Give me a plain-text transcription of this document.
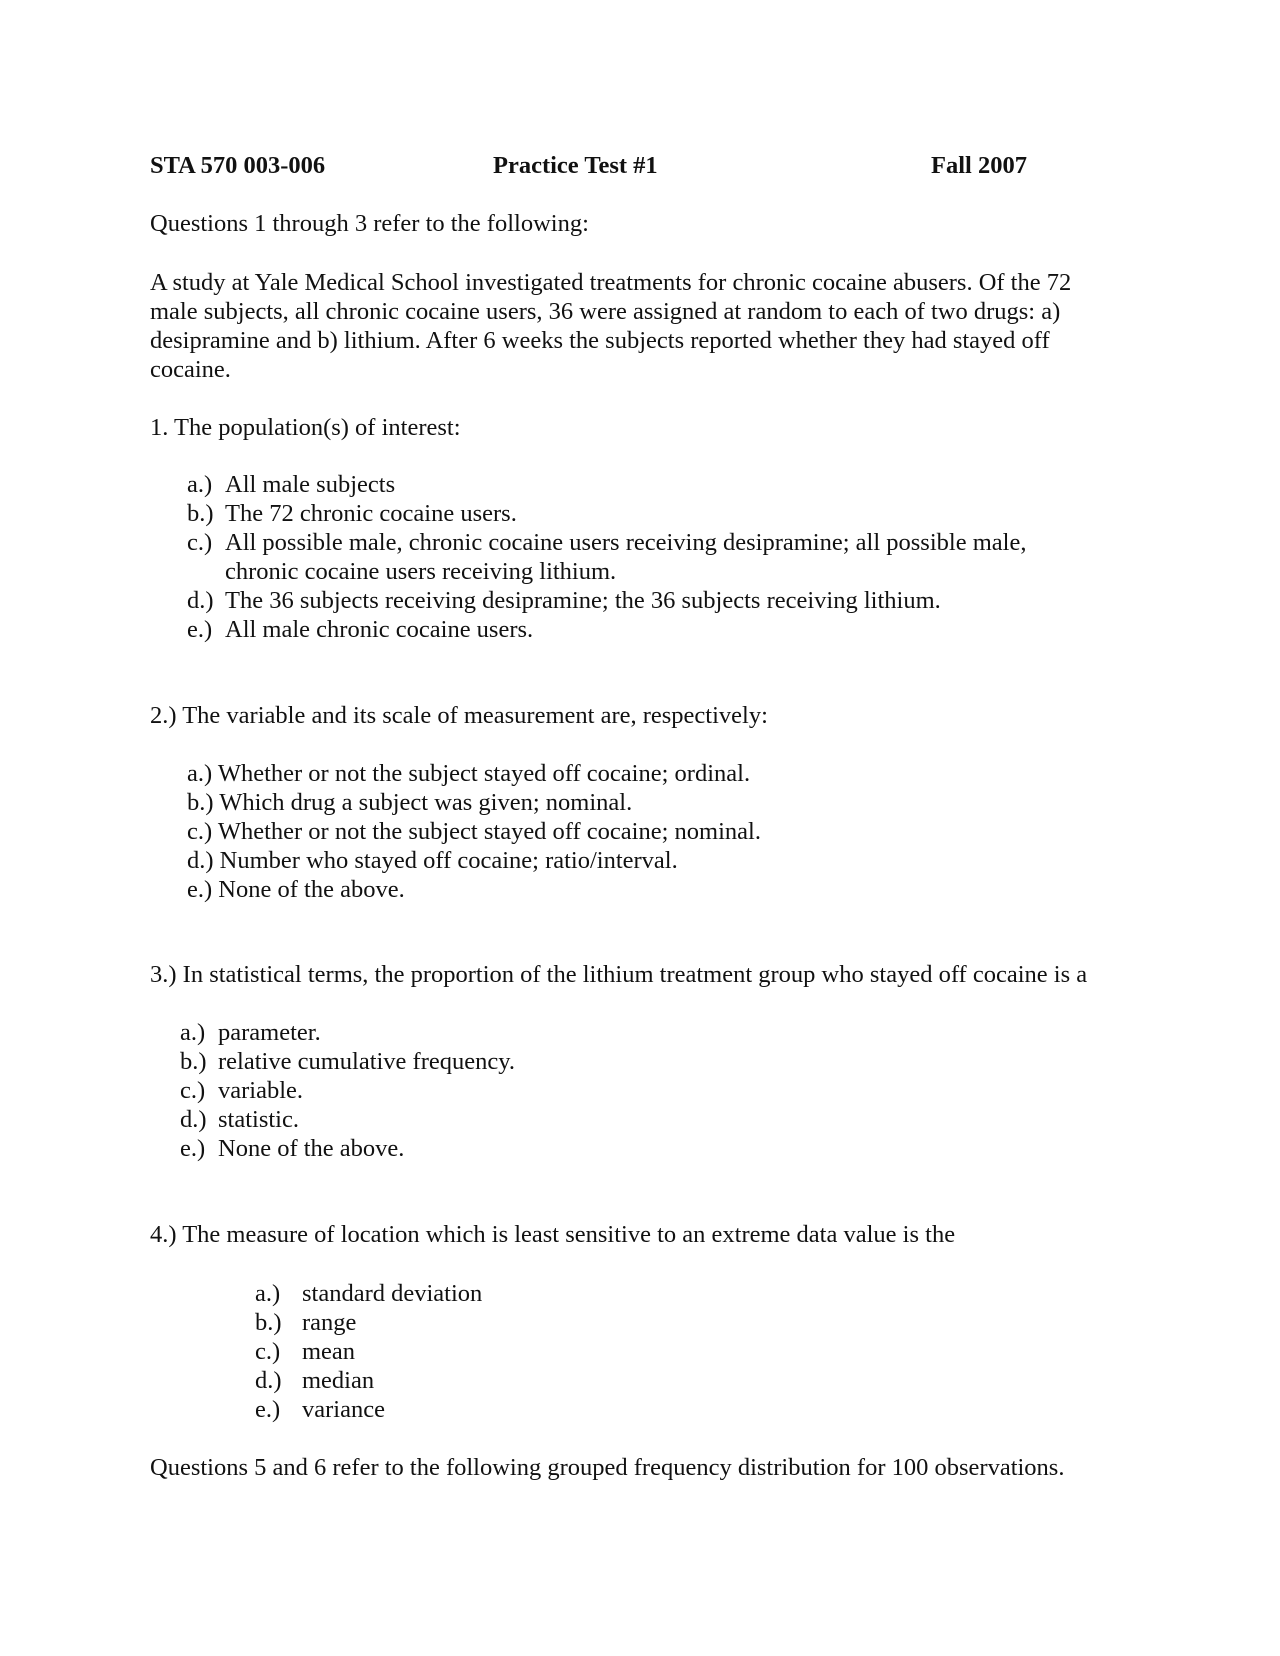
STA 570 003-006	Practice Test #1	Fall 2007
Questions 1 through 3 refer to the following:
A study at Yale Medical School investigated treatments for chronic cocaine abusers. Of the 72
male subjects, all chronic cocaine users, 36 were assigned at random to each of two drugs: a)
desipramine and b) lithium. After 6 weeks the subjects reported whether they had stayed off
cocaine.
1. The population(s) of interest:
a.) All male subjects
b.) The 72 chronic cocaine users.
c.) All possible male, chronic cocaine users receiving desipramine; all possible male,
chronic cocaine users receiving lithium.
d.) The 36 subjects receiving desipramine; the 36 subjects receiving lithium.
e.) All male chronic cocaine users.
2.) The variable and its scale of measurement are, respectively:
a.) Whether or not the subject stayed off cocaine; ordinal.
b.) Which drug a subject was given; nominal.
c.) Whether or not the subject stayed off cocaine; nominal.
d.) Number who stayed off cocaine; ratio/interval.
e.) None of the above.
3.) In statistical terms, the proportion of the lithium treatment group who stayed off cocaine is a
a.) parameter.
b.) relative cumulative frequency.
c.) variable.
d.) statistic.
e.) None of the above.
4.) The measure of location which is least sensitive to an extreme data value is the
a.) standard deviation
b.) range
c.) mean
d.) median
e.) variance
Questions 5 and 6 refer to the following grouped frequency distribution for 100 observations.
